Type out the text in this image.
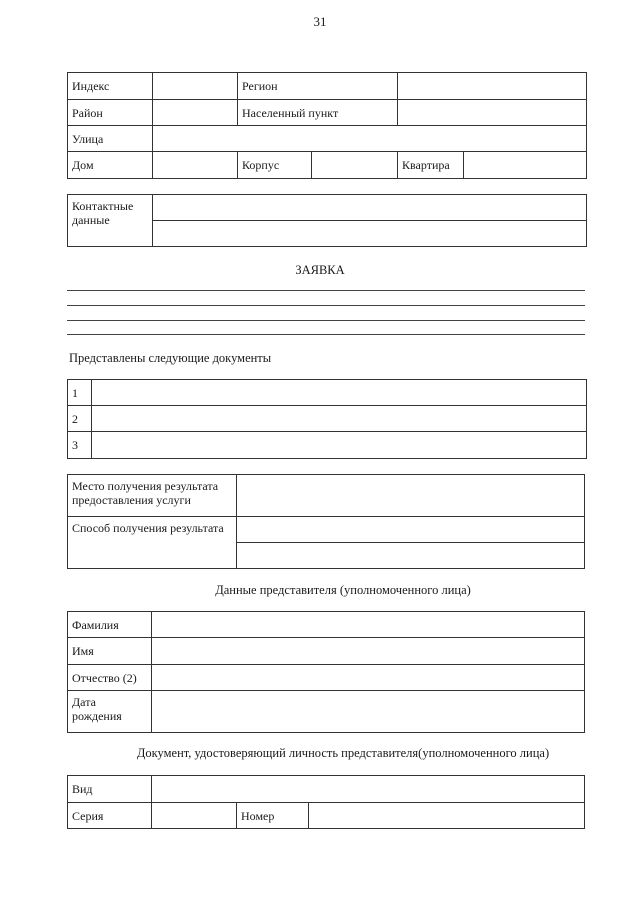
31
Индекс		Регион			
Район		Населенный пункт			
Улица					
Дом		Корпус		Квартира	
Контактные данные	

ЗАЯВКА
Представлены следующие документы
1	
2	
3	
Место получения результата предоставления услуги	
Способ получения результата	

Данные представителя (уполномоченного лица)
Фамилия	
Имя	
Отчество (2)	
Дата рождения	
Документ, удостоверяющий личность представителя(уполномоченного лица)
Вид			
Серия		Номер	
